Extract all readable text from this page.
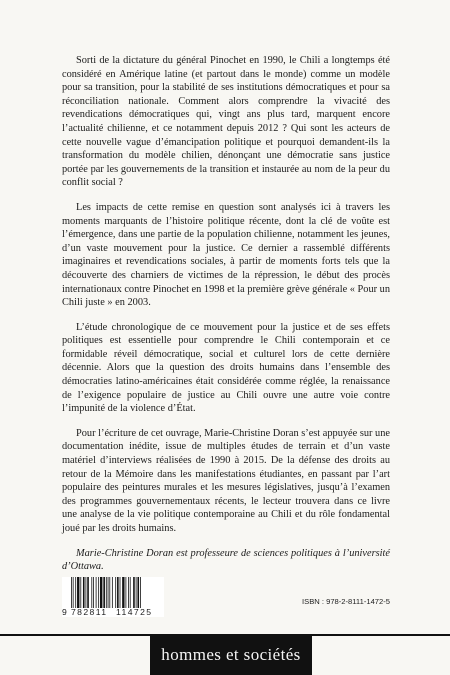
Sorti de la dictature du général Pinochet en 1990, le Chili a longtemps été considéré en Amérique latine (et partout dans le monde) comme un modèle pour sa transition, pour la stabilité de ses institutions démocratiques et pour sa réconciliation nationale. Comment alors comprendre la vivacité des revendications démocratiques qui, vingt ans plus tard, marquent encore l’actualité chilienne, et ce notamment depuis 2012 ? Qui sont les acteurs de cette nouvelle vague d’émancipation politique et pourquoi demandent-ils la transformation du modèle chilien, dénonçant une démocratie sans justice portée par les gouvernements de la transition et instaurée au nom de la peur du conflit social ?

Les impacts de cette remise en question sont analysés ici à travers les moments marquants de l’histoire politique récente, dont la clé de voûte est l’émergence, dans une partie de la population chilienne, notamment les jeunes, d’un vaste mouvement pour la justice. Ce dernier a rassemblé différents imaginaires et revendications sociales, à partir de moments forts tels que la découverte des charniers de victimes de la répression, le début des procès internationaux contre Pinochet en 1998 et la première grève générale « Pour un Chili juste » en 2003.

L’étude chronologique de ce mouvement pour la justice et de ses effets politiques est essentielle pour comprendre le Chili contemporain et ce formidable réveil démocratique, social et culturel lors de cette dernière décennie. Alors que la question des droits humains dans l’ensemble des démocraties latino-américaines était considérée comme réglée, la renaissance de l’exigence populaire de justice au Chili ouvre une autre voie contre l’impunité de la violence d’État.

Pour l’écriture de cet ouvrage, Marie-Christine Doran s’est appuyée sur une documentation inédite, issue de multiples études de terrain et d’un vaste matériel d’interviews réalisées de 1990 à 2015. De la défense des droits au retour de la Mémoire dans les manifestations étudiantes, en passant par l’art populaire des peintures murales et les mesures législatives, jusqu’à l’examen des programmes gouvernementaux récents, le lecteur trouvera dans ce livre une analyse de la vie politique contemporaine au Chili et du rôle fondamental joué par les droits humains.

Marie-Christine Doran est professeure de sciences politiques à l’université d’Ottawa.

9 782811 114725
ISBN : 978-2-8111-1472-5
hommes et sociétés
